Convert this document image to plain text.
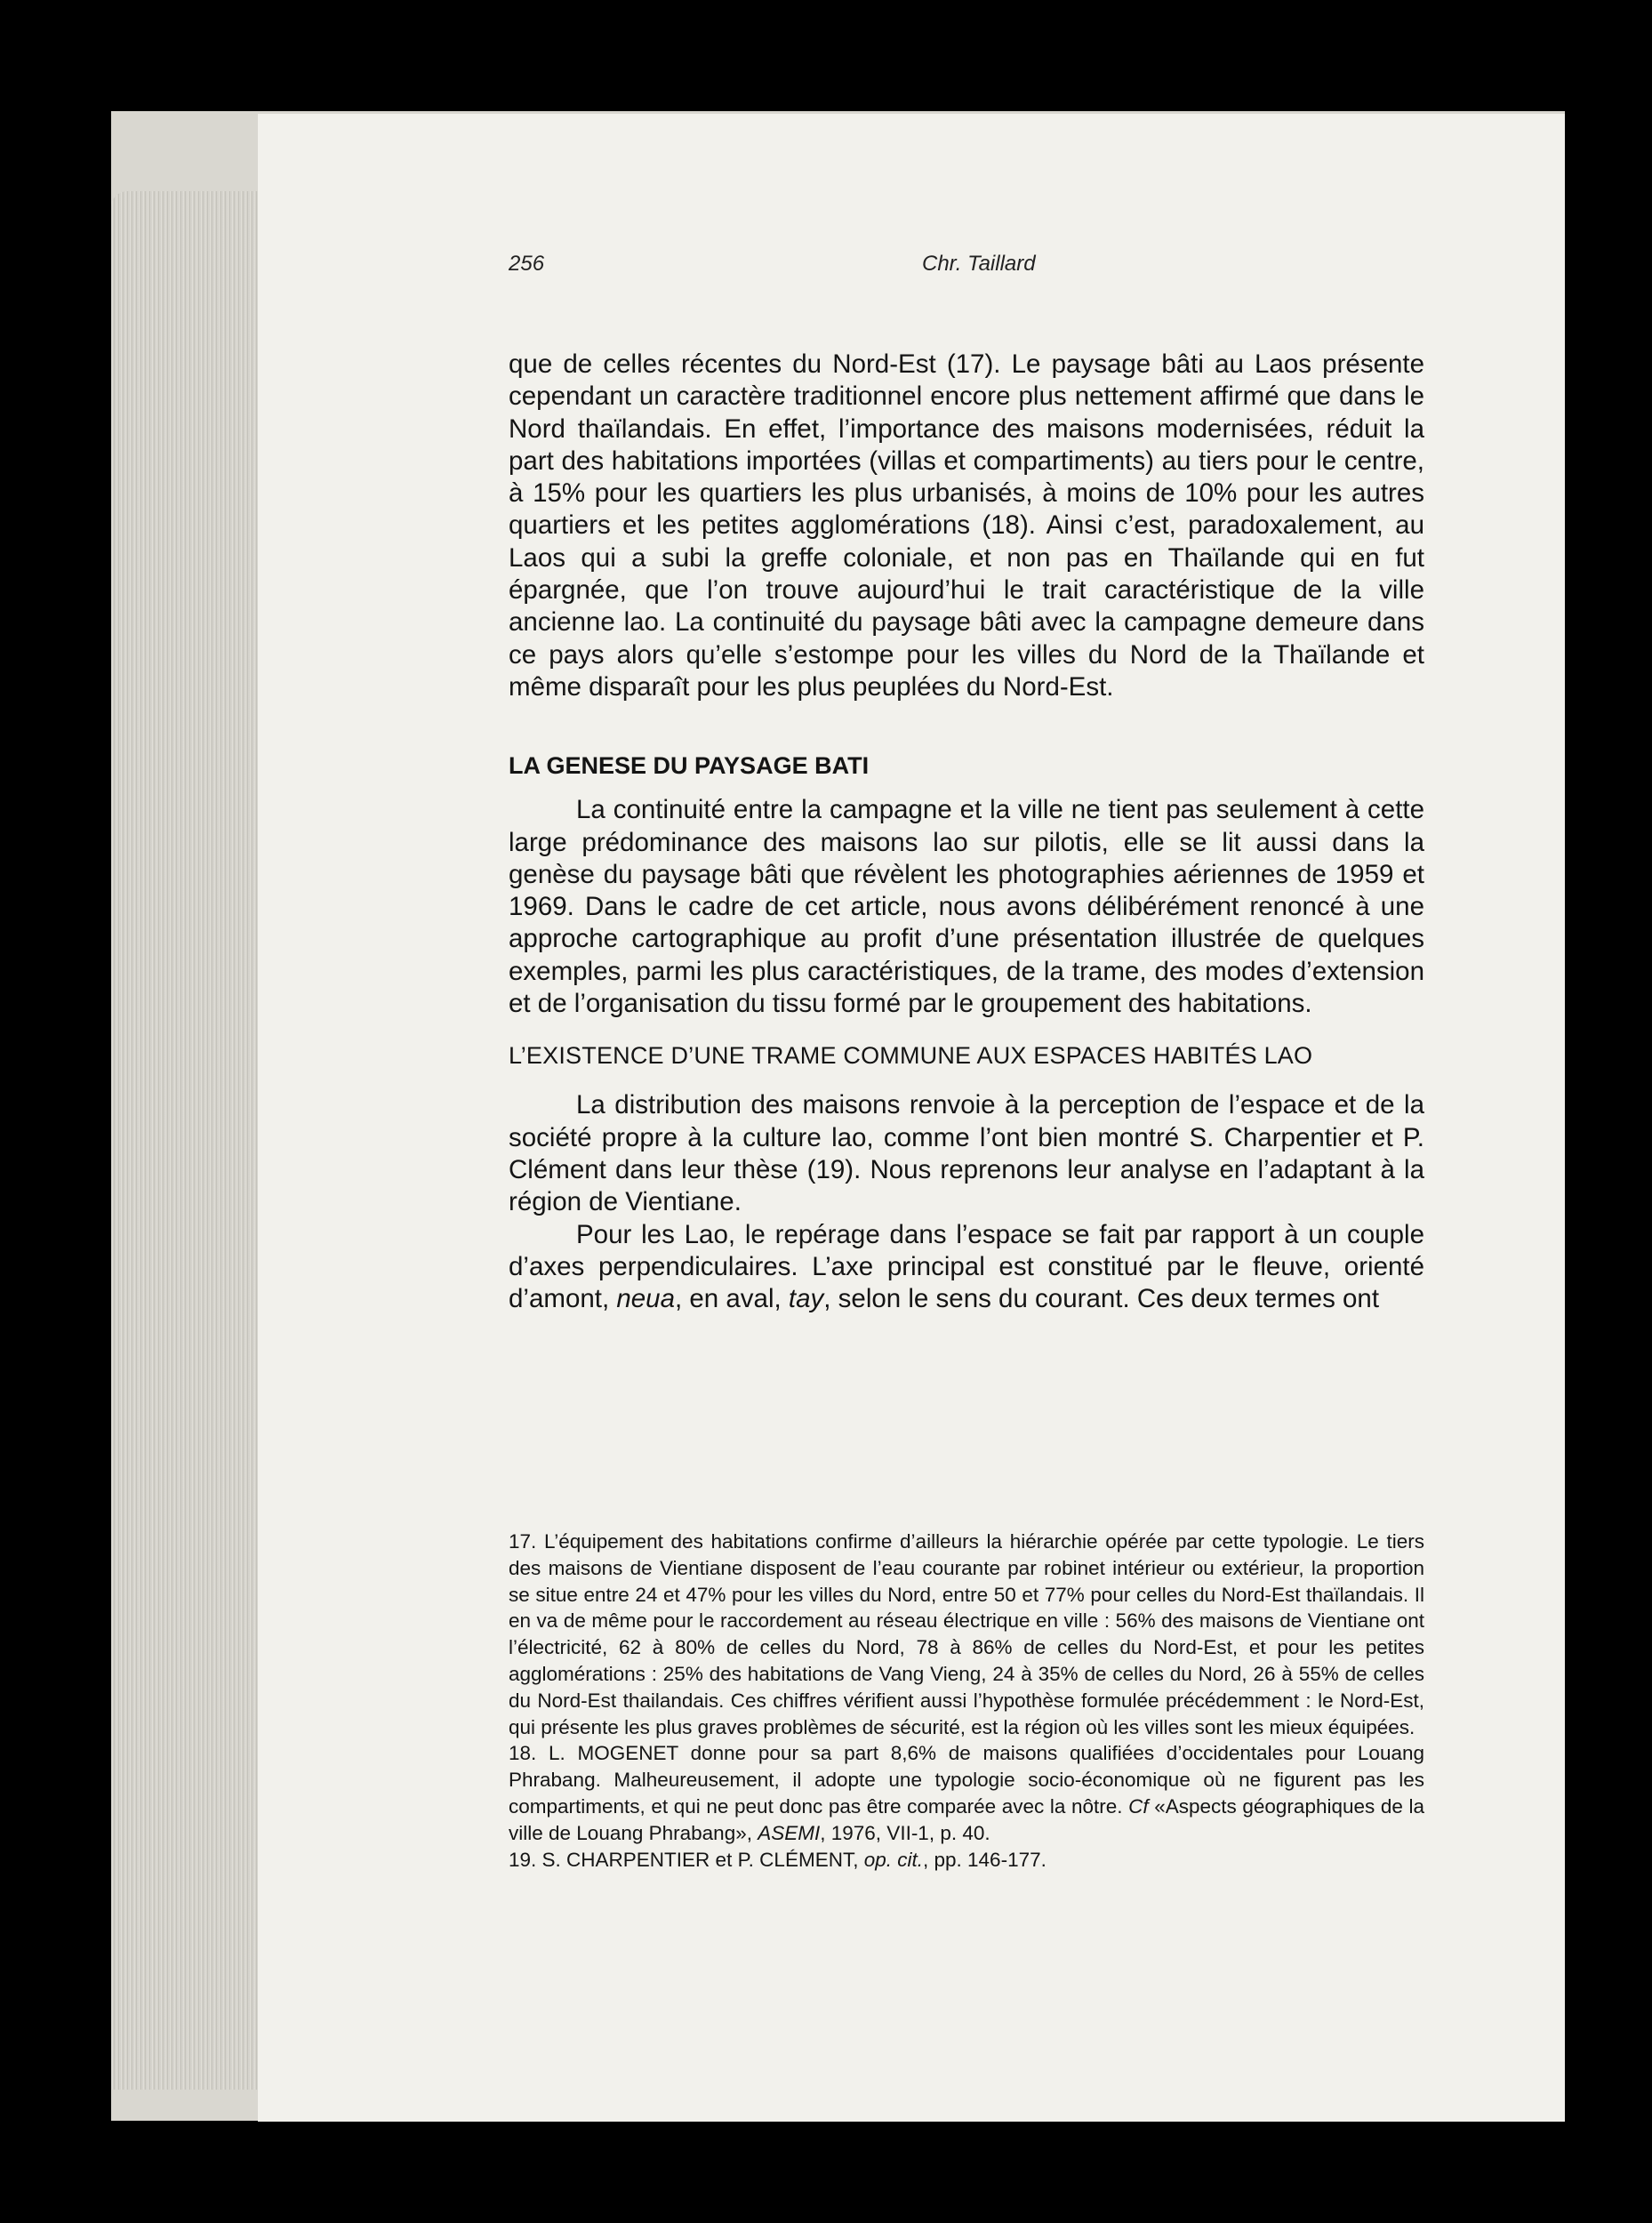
256	Chr. Taillard

que de celles récentes du Nord-Est (17). Le paysage bâti au Laos présente cependant un caractère traditionnel encore plus nettement affirmé que dans le Nord thaïlandais. En effet, l’importance des maisons modernisées, réduit la part des habitations importées (villas et compartiments) au tiers pour le centre, à 15% pour les quartiers les plus urbanisés, à moins de 10% pour les autres quartiers et les petites agglomérations (18). Ainsi c’est, paradoxalement, au Laos qui a subi la greffe coloniale, et non pas en Thaïlande qui en fut épargnée, que l’on trouve aujourd’hui le trait caractéristique de la ville ancienne lao. La continuité du paysage bâti avec la campagne demeure dans ce pays alors qu’elle s’estompe pour les villes du Nord de la Thaïlande et même disparaît pour les plus peuplées du Nord-Est.

LA GENESE DU PAYSAGE BATI

La continuité entre la campagne et la ville ne tient pas seulement à cette large prédominance des maisons lao sur pilotis, elle se lit aussi dans la genèse du paysage bâti que révèlent les photographies aériennes de 1959 et 1969. Dans le cadre de cet article, nous avons délibérément renoncé à une approche cartographique au profit d’une présentation illustrée de quelques exemples, parmi les plus caractéristiques, de la trame, des modes d’extension et de l’organisation du tissu formé par le groupement des habitations.

L’EXISTENCE D’UNE TRAME COMMUNE AUX ESPACES HABITÉS LAO

La distribution des maisons renvoie à la perception de l’espace et de la société propre à la culture lao, comme l’ont bien montré S. Charpentier et P. Clément dans leur thèse (19). Nous reprenons leur analyse en l’adaptant à la région de Vientiane.

Pour les Lao, le repérage dans l’espace se fait par rapport à un couple d’axes perpendiculaires. L’axe principal est constitué par le fleuve, orienté d’amont, neua, en aval, tay, selon le sens du courant. Ces deux termes ont

17. L’équipement des habitations confirme d’ailleurs la hiérarchie opérée par cette typologie. Le tiers des maisons de Vientiane disposent de l’eau courante par robinet intérieur ou extérieur, la proportion se situe entre 24 et 47% pour les villes du Nord, entre 50 et 77% pour celles du Nord-Est thaïlandais. Il en va de même pour le raccordement au réseau électrique en ville : 56% des maisons de Vientiane ont l’électricité, 62 à 80% de celles du Nord, 78 à 86% de celles du Nord-Est, et pour les petites agglomérations : 25% des habitations de Vang Vieng, 24 à 35% de celles du Nord, 26 à 55% de celles du Nord-Est thailandais. Ces chiffres vérifient aussi l’hypothèse formulée précédemment : le Nord-Est, qui présente les plus graves problèmes de sécurité, est la région où les villes sont les mieux équipées.

18. L. MOGENET donne pour sa part 8,6% de maisons qualifiées d’occidentales pour Louang Phrabang. Malheureusement, il adopte une typologie socio-économique où ne figurent pas les compartiments, et qui ne peut donc pas être comparée avec la nôtre. Cf «Aspects géographiques de la ville de Louang Phrabang», ASEMI, 1976, VII-1, p. 40.

19. S. CHARPENTIER et P. CLÉMENT, op. cit., pp. 146-177.
